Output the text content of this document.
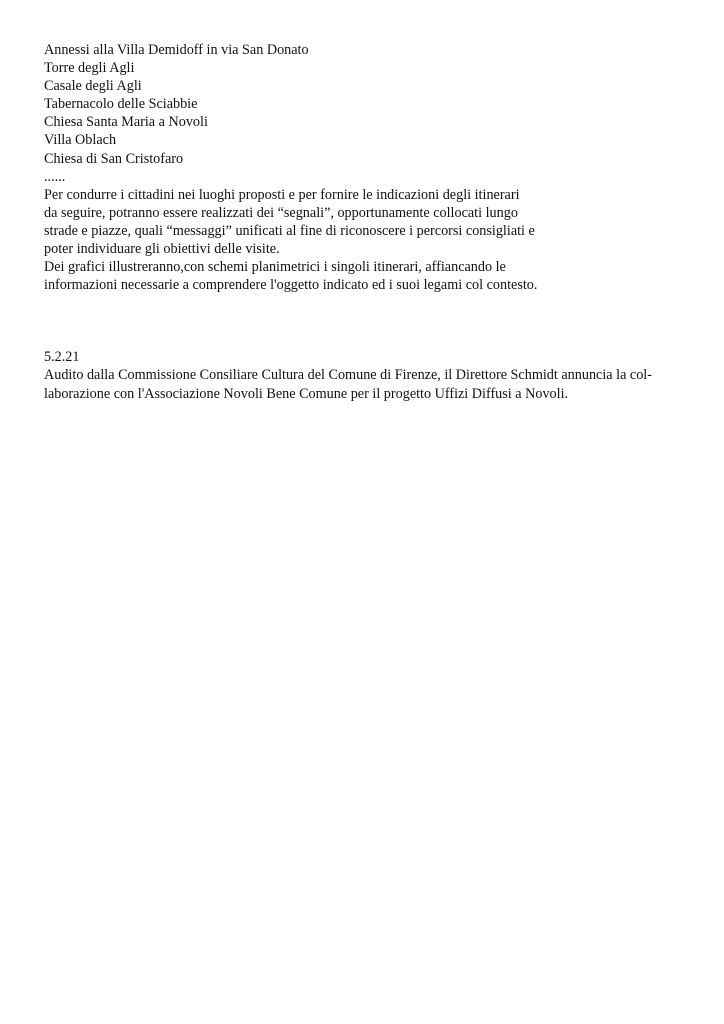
Annessi alla Villa Demidoff in via San Donato
Torre degli Agli
Casale degli Agli
Tabernacolo delle Sciabbie
Chiesa Santa Maria a Novoli
Villa Oblach
Chiesa di San Cristofaro
......
Per condurre i cittadini nei luoghi proposti e per fornire le indicazioni degli itinerari
da seguire, potranno essere realizzati dei “segnali”, opportunamente collocati lungo
strade e piazze, quali “messaggi” unificati al fine di riconoscere i percorsi consigliati e
poter individuare gli obiettivi delle visite.
Dei grafici illustreranno,con schemi planimetrici i singoli itinerari, affiancando le
informazioni necessarie a comprendere l'oggetto indicato ed i suoi legami col contesto.
5.2.21
Audito dalla Commissione Consiliare Cultura del Comune di Firenze, il Direttore Schmidt annuncia la col-
laborazione con l'Associazione Novoli Bene Comune per il progetto Uffizi Diffusi a Novoli.
